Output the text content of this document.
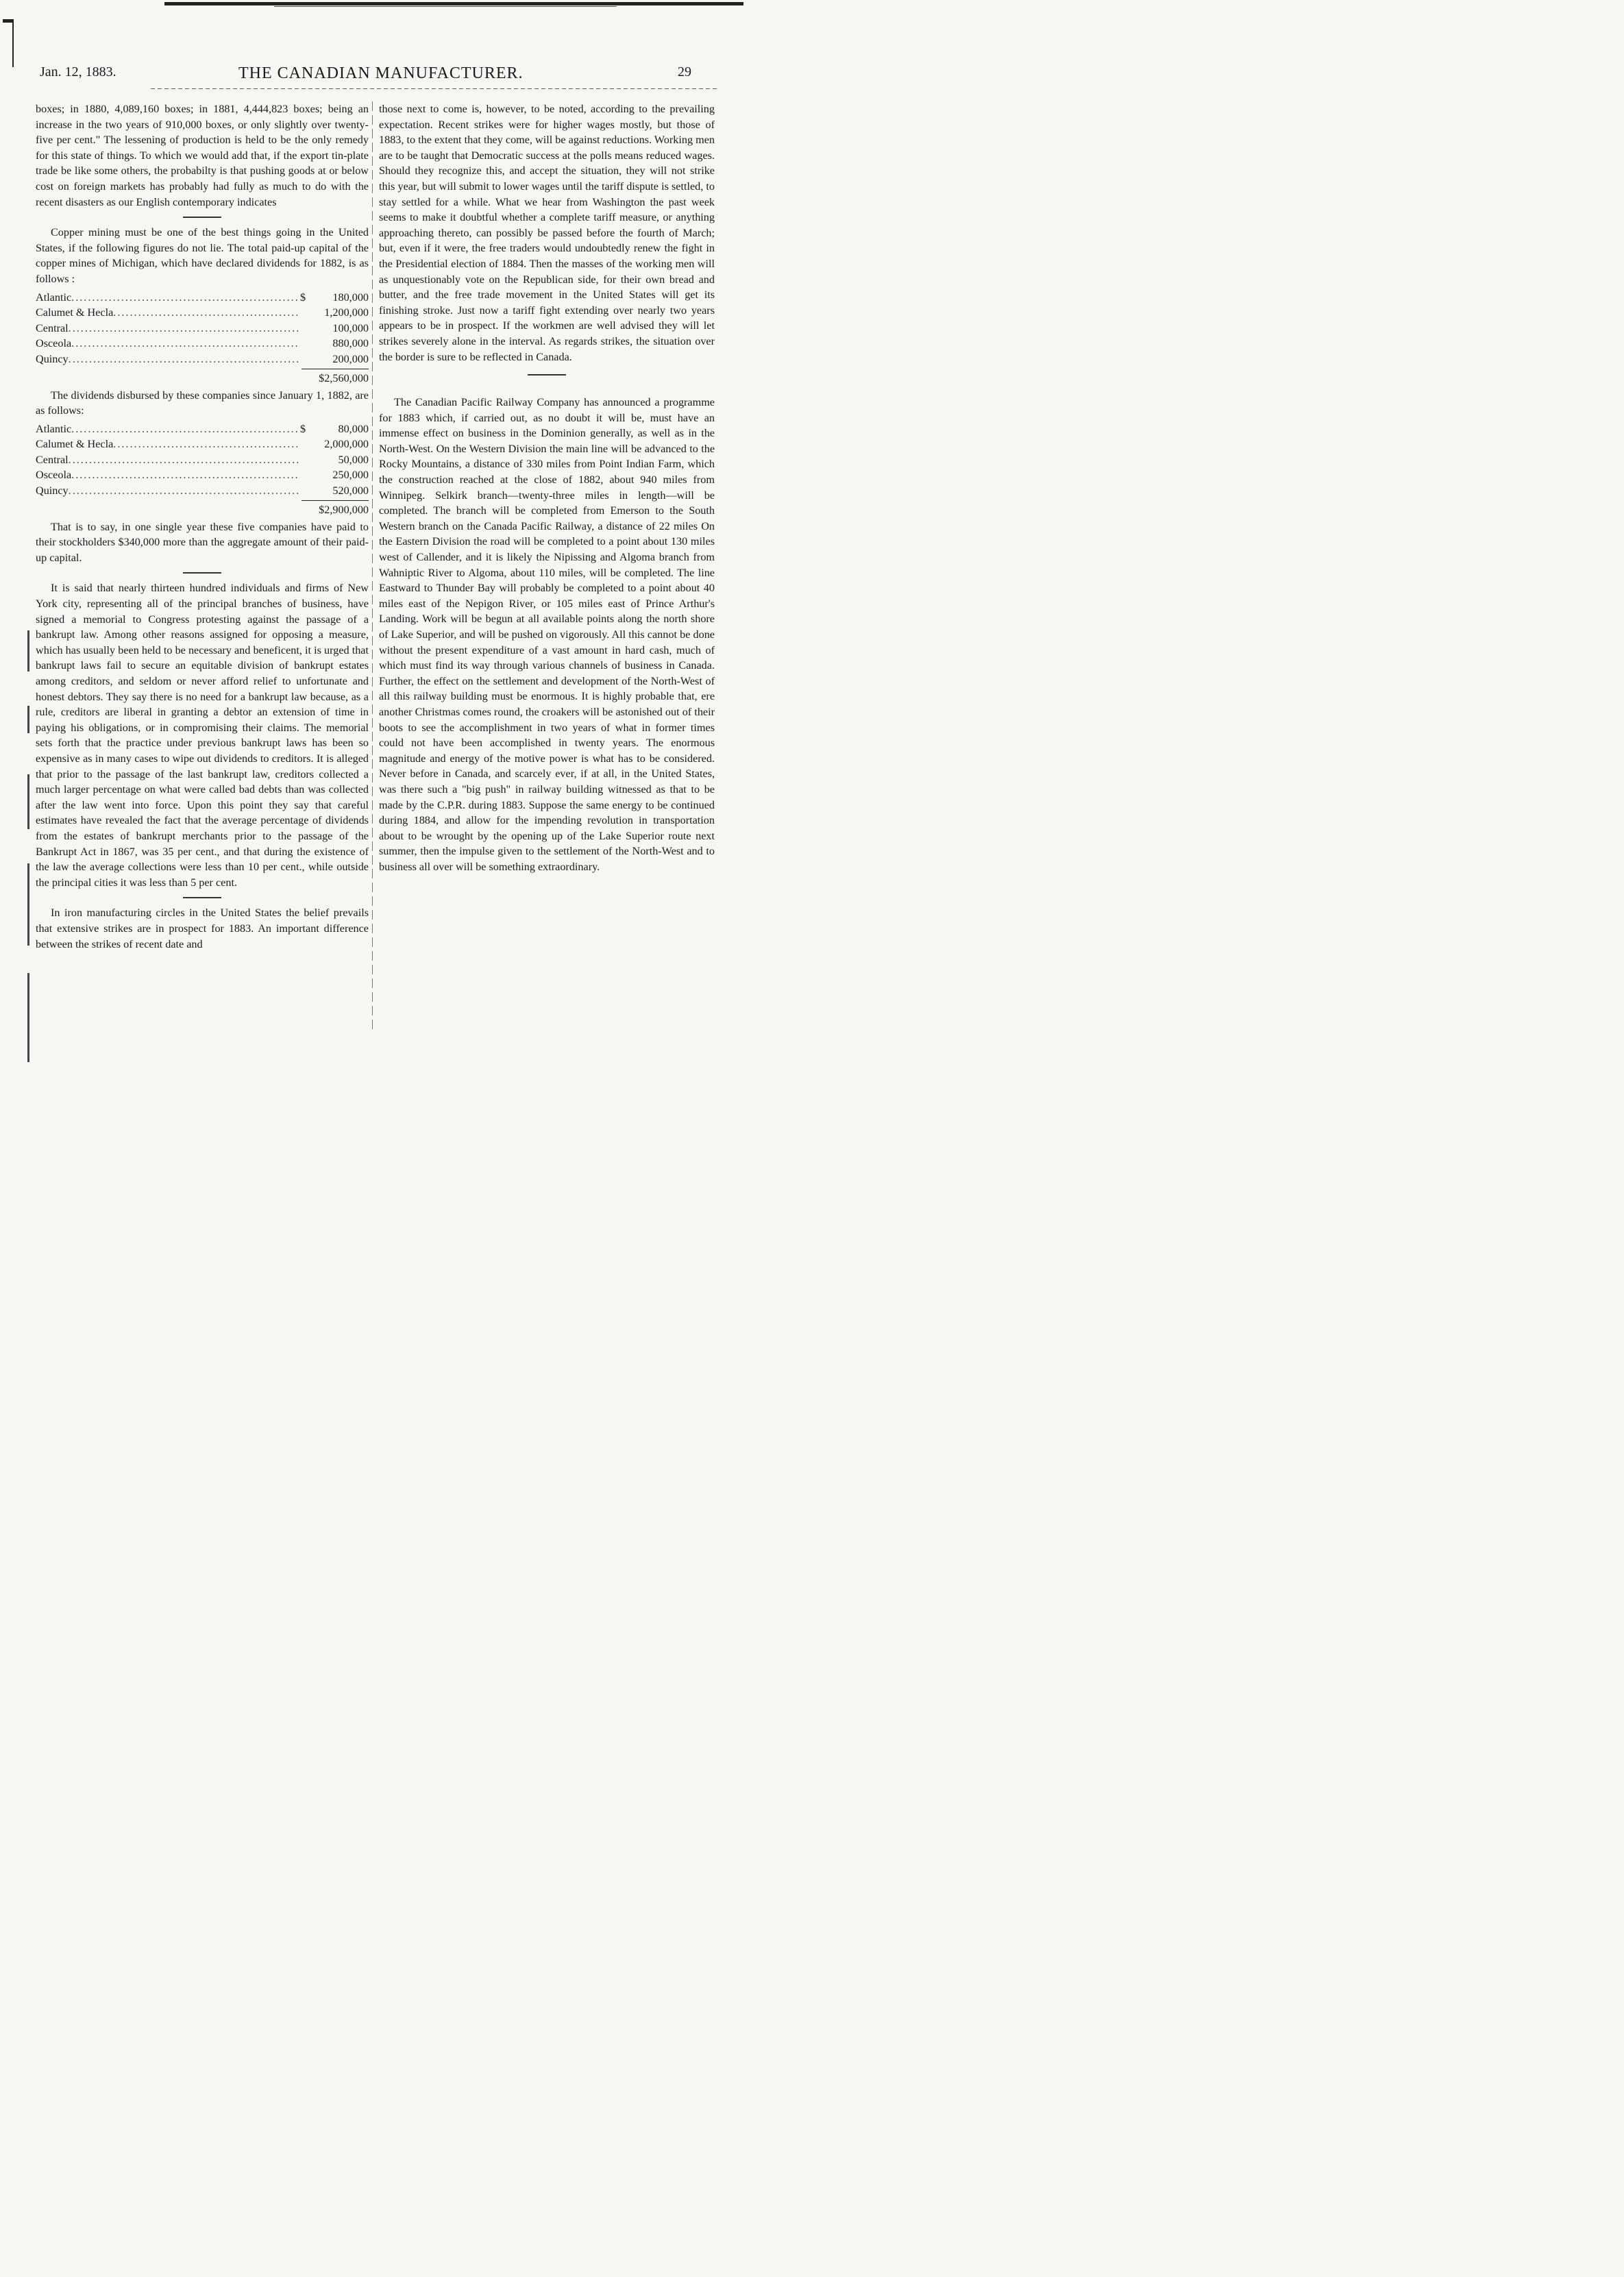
Jan. 12, 1883.	THE CANADIAN MANUFACTURER.	29

boxes; in 1880, 4,089,160 boxes; in 1881, 4,444,823 boxes; being an increase in the two years of 910,000 boxes, or only slightly over twenty-five per cent." The lessening of production is held to be the only remedy for this state of things. To which we would add that, if the export tin-plate trade be like some others, the probabilty is that pushing goods at or below cost on foreign markets has probably had fully as much to do with the recent disasters as our English contemporary indicates

Copper mining must be one of the best things going in the United States, if the following figures do not lie. The total paid-up capital of the copper mines of Michigan, which have declared dividends for 1882, is as follows :

Atlantic .....	$	180,000
Calumet & Hecla .....	1,200,000
Central .....	100,000
Osceola .....	880,000
Quincy .....	200,000
$2,560,000

The dividends disbursed by these companies since January 1, 1882, are as follows:

Atlantic .....	$	80,000
Calumet & Hecla .....	2,000,000
Central .....	50,000
Osceola .....	250,000
Quincy .....	520,000
$2,900,000

That is to say, in one single year these five companies have paid to their stockholders $340,000 more than the aggregate amount of their paid-up capital.

It is said that nearly thirteen hundred individuals and firms of New York city, representing all of the principal branches of business, have signed a memorial to Congress protesting against the passage of a bankrupt law. Among other reasons assigned for opposing a measure, which has usually been held to be necessary and beneficent, it is urged that bankrupt laws fail to secure an equitable division of bankrupt estates among creditors, and seldom or never afford relief to unfortunate and honest debtors. They say there is no need for a bankrupt law because, as a rule, creditors are liberal in granting a debtor an extension of time in paying his obligations, or in compromising their claims. The memorial sets forth that the practice under previous bankrupt laws has been so expensive as in many cases to wipe out dividends to creditors. It is alleged that prior to the passage of the last bankrupt law, creditors collected a much larger percentage on what were called bad debts than was collected after the law went into force. Upon this point they say that careful estimates have revealed the fact that the average percentage of dividends from the estates of bankrupt merchants prior to the passage of the Bankrupt Act in 1867, was 35 per cent., and that during the existence of the law the average collections were less than 10 per cent., while outside the principal cities it was less than 5 per cent.

In iron manufacturing circles in the United States the belief prevails that extensive strikes are in prospect for 1883. An important difference between the strikes of recent date and

those next to come is, however, to be noted, according to the prevailing expectation. Recent strikes were for higher wages mostly, but those of 1883, to the extent that they come, will be against reductions. Working men are to be taught that Democratic success at the polls means reduced wages. Should they recognize this, and accept the situation, they will not strike this year, but will submit to lower wages until the tariff dispute is settled, to stay settled for a while. What we hear from Washington the past week seems to make it doubtful whether a complete tariff measure, or anything approaching thereto, can possibly be passed before the fourth of March; but, even if it were, the free traders would undoubtedly renew the fight in the Presidential election of 1884. Then the masses of the working men will as unquestionably vote on the Republican side, for their own bread and butter, and the free trade movement in the United States will get its finishing stroke. Just now a tariff fight extending over nearly two years appears to be in prospect. If the workmen are well advised they will let strikes severely alone in the interval. As regards strikes, the situation over the border is sure to be reflected in Canada.

The Canadian Pacific Railway Company has announced a programme for 1883 which, if carried out, as no doubt it will be, must have an immense effect on business in the Dominion generally, as well as in the North-West. On the Western Division the main line will be advanced to the Rocky Mountains, a distance of 330 miles from Point Indian Farm, which the construction reached at the close of 1882, about 940 miles from Winnipeg. Selkirk branch—twenty-three miles in length—will be completed. The branch will be completed from Emerson to the South Western branch on the Canada Pacific Railway, a distance of 22 miles On the Eastern Division the road will be completed to a point about 130 miles west of Callender, and it is likely the Nipissing and Algoma branch from Wahniptic River to Algoma, about 110 miles, will be completed. The line Eastward to Thunder Bay will probably be completed to a point about 40 miles east of the Nepigon River, or 105 miles east of Prince Arthur's Landing. Work will be begun at all available points along the north shore of Lake Superior, and will be pushed on vigorously. All this cannot be done without the present expenditure of a vast amount in hard cash, much of which must find its way through various channels of business in Canada. Further, the effect on the settlement and development of the North-West of all this railway building must be enormous. It is highly probable that, ere another Christmas comes round, the croakers will be astonished out of their boots to see the accomplishment in two years of what in former times could not have been accomplished in twenty years. The enormous magnitude and energy of the motive power is what has to be considered. Never before in Canada, and scarcely ever, if at all, in the United States, was there such a "big push" in railway building witnessed as that to be made by the C.P.R. during 1883. Suppose the same energy to be continued during 1884, and allow for the impending revolution in transportation about to be wrought by the opening up of the Lake Superior route next summer, then the impulse given to the settlement of the North-West and to business all over will be something extraordinary.
